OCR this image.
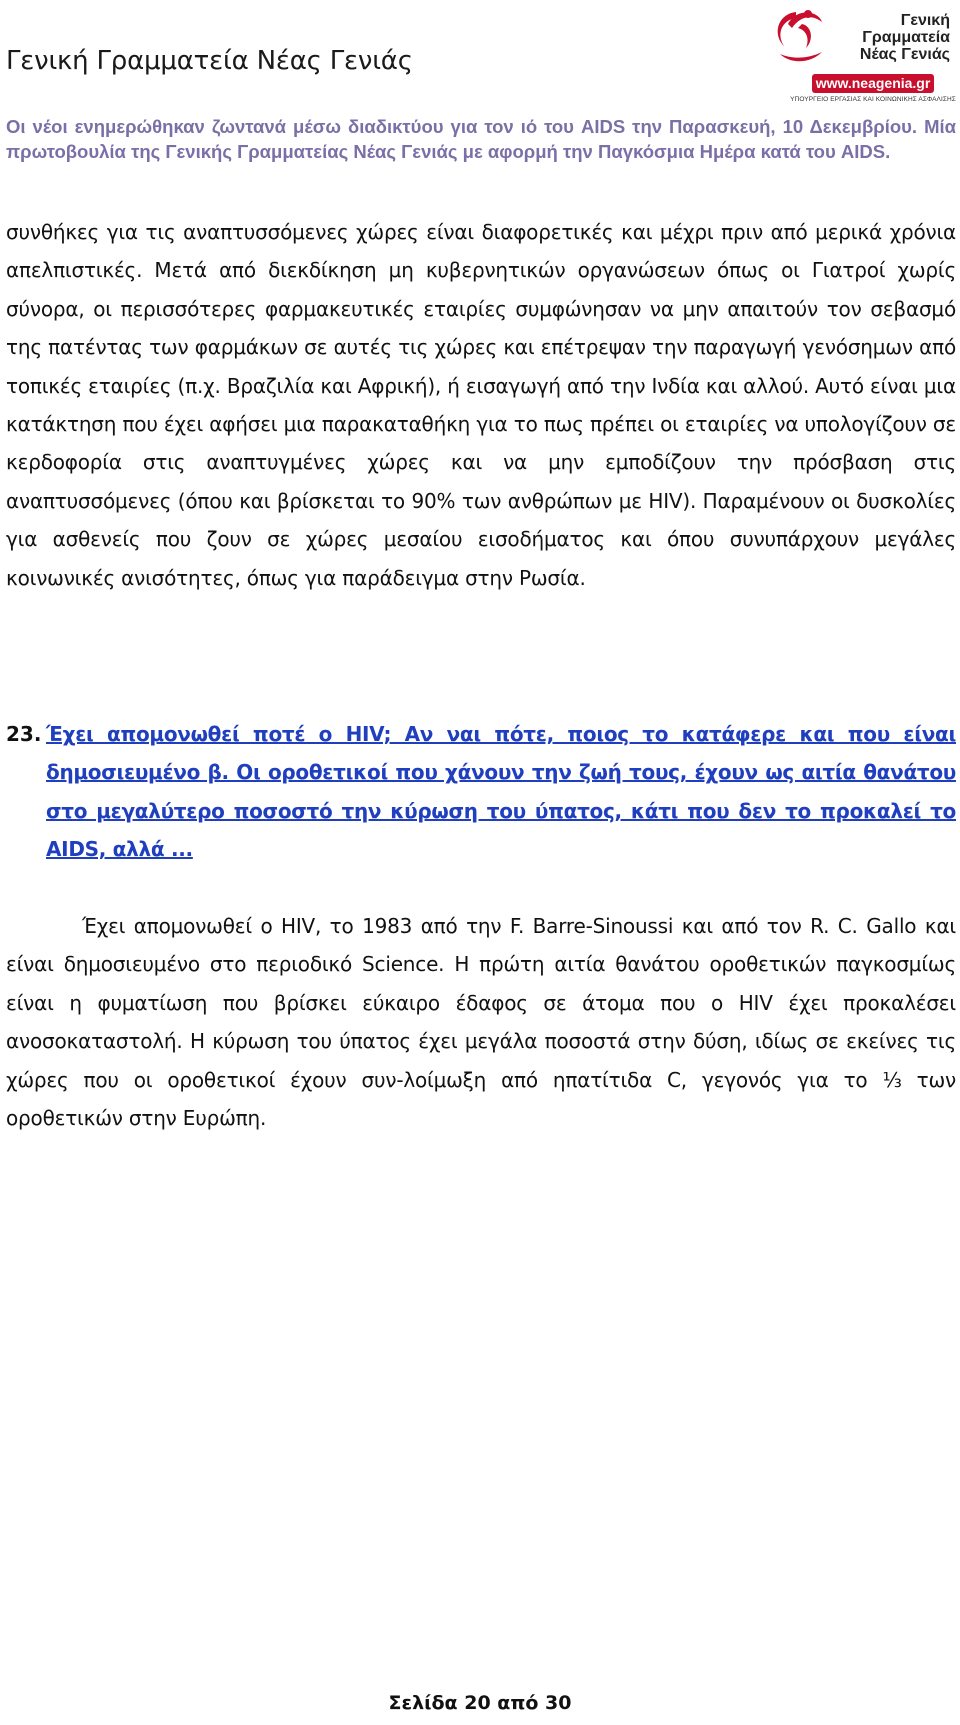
Γενική Γραμματεία Νέας Γενιάς
Γενική
Γραμματεία
Νέας Γενιάς
www.neagenia.gr
ΥΠΟΥΡΓΕΙΟ ΕΡΓΑΣΙΑΣ ΚΑΙ ΚΟΙΝΩΝΙΚΗΣ ΑΣΦΑΛΙΣΗΣ
Οι νέοι ενημερώθηκαν ζωντανά μέσω διαδικτύου για τον ιό του AIDS την Παρασκευή, 10 Δεκεμβρίου. Μία πρωτοβουλία της Γενικής Γραμματείας Νέας Γενιάς με αφορμή την Παγκόσμια Ημέρα κατά του AIDS.
συνθήκες για τις αναπτυσσόμενες χώρες είναι διαφορετικές και μέχρι πριν από μερικά χρόνια απελπιστικές. Μετά από διεκδίκηση μη κυβερνητικών οργανώσεων όπως οι Γιατροί χωρίς σύνορα, οι περισσότερες φαρμακευτικές εταιρίες συμφώνησαν να μην απαιτούν τον σεβασμό της πατέντας των φαρμάκων σε αυτές τις χώρες και επέτρεψαν την παραγωγή γενόσημων από τοπικές εταιρίες (π.χ. Βραζιλία και Αφρική), ή εισαγωγή από την Ινδία και αλλού. Αυτό είναι μια κατάκτηση που έχει αφήσει μια παρακαταθήκη για το πως πρέπει οι εταιρίες να υπολογίζουν σε κερδοφορία στις αναπτυγμένες χώρες και να μην εμποδίζουν την πρόσβαση στις αναπτυσσόμενες (όπου και βρίσκεται το 90% των ανθρώπων με HIV). Παραμένουν οι δυσκολίες για ασθενείς που ζουν σε χώρες μεσαίου εισοδήματος και όπου συνυπάρχουν μεγάλες κοινωνικές ανισότητες, όπως για παράδειγμα στην Ρωσία.
23. Έχει απομονωθεί ποτέ ο HIV; Αν ναι πότε, ποιος το κατάφερε και που είναι δημοσιευμένο β. Οι οροθετικοί που χάνουν την ζωή τους, έχουν ως αιτία θανάτου στο μεγαλύτερο ποσοστό την κύρωση του ύπατος, κάτι που δεν το προκαλεί το AIDS, αλλά ...
Έχει απομονωθεί ο HIV, το 1983 από την F. Barre-Sinoussi και από τον R. C. Gallo και είναι δημοσιευμένο στο περιοδικό Science. Η πρώτη αιτία θανάτου οροθετικών παγκοσμίως είναι η φυματίωση που βρίσκει εύκαιρο έδαφος σε άτομα που ο HIV έχει προκαλέσει ανοσοκαταστολή. Η κύρωση του ύπατος έχει μεγάλα ποσοστά στην δύση, ιδίως σε εκείνες τις χώρες που οι οροθετικοί έχουν συν-λοίμωξη από ηπατίτιδα C, γεγονός για το ⅓ των οροθετικών στην Ευρώπη.
Σελίδα 20 από 30
